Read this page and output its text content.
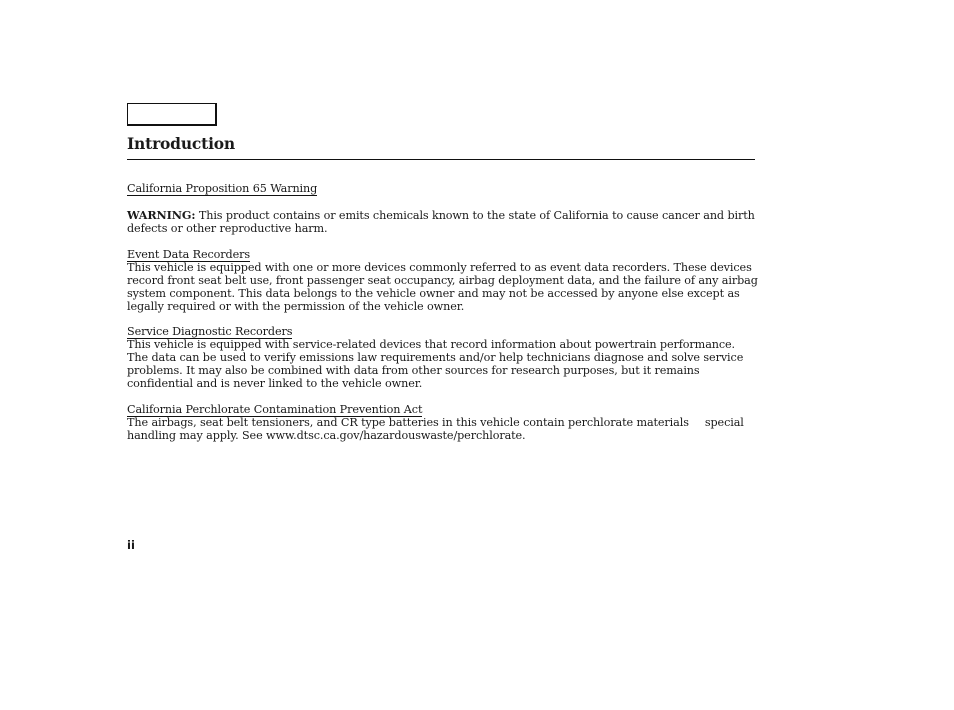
Introduction

California Proposition 65 Warning

WARNING: This product contains or emits chemicals known to the state of California to cause cancer and birth defects or other reproductive harm.

Event Data Recorders

This vehicle is equipped with one or more devices commonly referred to as event data recorders. These devices record front seat belt use, front passenger seat occupancy, airbag deployment data, and the failure of any airbag system component. This data belongs to the vehicle owner and may not be accessed by anyone else except as legally required or with the permission of the vehicle owner.

Service Diagnostic Recorders

This vehicle is equipped with service-related devices that record information about powertrain performance. The data can be used to verify emissions law requirements and/or help technicians diagnose and solve service problems. It may also be combined with data from other sources for research purposes, but it remains confidential and is never linked to the vehicle owner.

California Perchlorate Contamination Prevention Act

The airbags, seat belt tensioners, and CR type batteries in this vehicle contain perchlorate materials special handling may apply. See www.dtsc.ca.gov/hazardouswaste/perchlorate.

ii
